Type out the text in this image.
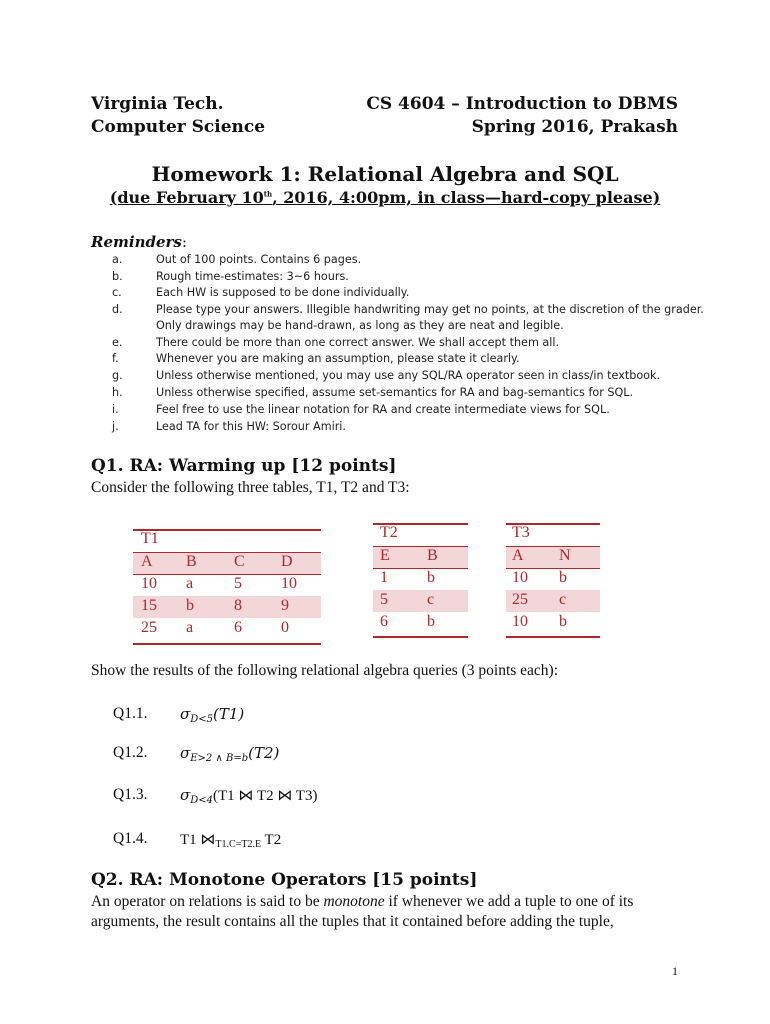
Virginia Tech.
Computer Science
CS 4604 – Introduction to DBMS
Spring 2016, Prakash
Homework 1: Relational Algebra and SQL
(due February 10th, 2016, 4:00pm, in class—hard-copy please)
Reminders:
a.	Out of 100 points. Contains 6 pages.
b.	Rough time-estimates: 3~6 hours.
c.	Each HW is supposed to be done individually.
d.	Please type your answers. Illegible handwriting may get no points, at the discretion of the grader.
Only drawings may be hand-drawn, as long as they are neat and legible.
e.	There could be more than one correct answer. We shall accept them all.
f.	Whenever you are making an assumption, please state it clearly.
g.	Unless otherwise mentioned, you may use any SQL/RA operator seen in class/in textbook.
h.	Unless otherwise specified, assume set-semantics for RA and bag-semantics for SQL.
i.	Feel free to use the linear notation for RA and create intermediate views for SQL.
j.	Lead TA for this HW: Sorour Amiri.
Q1. RA: Warming up [12 points]
Consider the following three tables, T1, T2 and T3:
T1
A B C D
10 a	5 10
15 b	8 9
25 a	6 0
T2
E B
1 b
5 c
6 b
T3
A N
10 b
25 c
10 b
Show the results of the following relational algebra queries (3 points each):
Q1.1. $\sigma_{D<5}(T1)$
Q1.2. $\sigma_{E>2 \wedge B=b}(T2)$
Q1.3. $\sigma_{D<4}(T1$ ⋈ T2 ⋈ T3)
Q1.4. T1 $⋈_{T1.C=T2.E}$ T2
Q2. RA: Monotone Operators [15 points]
An operator on relations is said to be monotone if whenever we add a tuple to one of its
arguments, the result contains all the tuples that it contained before adding the tuple,
1
